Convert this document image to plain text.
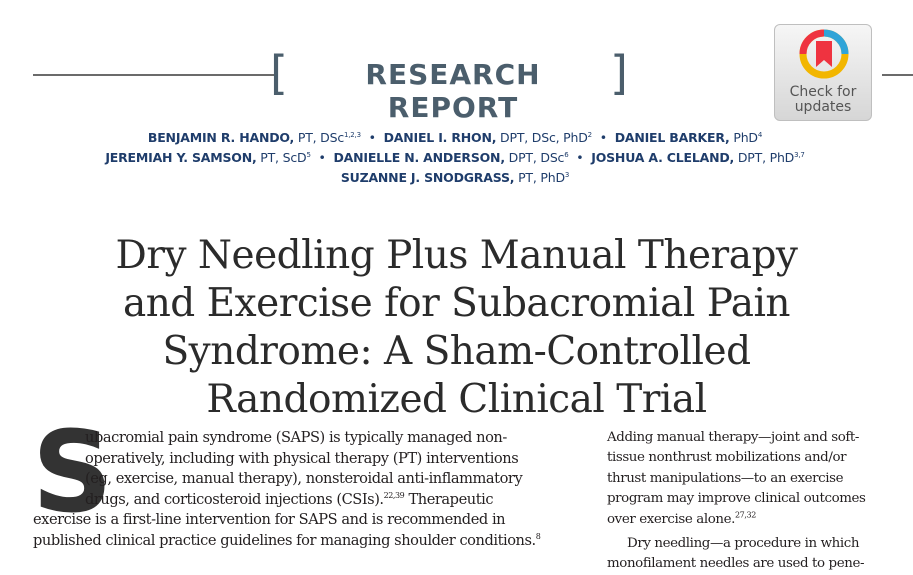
[	RESEARCH REPORT
]	Check for
updates
BENJAMIN R. HANDO, PT, DSc$^{1,2,3}$ • DANIEL I. RHON, DPT, DSc, PhD$^2$ • DANIEL BARKER, PhD$^4$
JEREMIAH Y. SAMSON, PT, ScD$^5$ • DANIELLE N. ANDERSON, DPT, DSc$^6$ • JOSHUA A. CLELAND, DPT, PhD$^{3,7}$
SUZANNE J. SNODGRASS, PT, PhD$^3$
Dry Needling Plus Manual Therapy
and Exercise for Subacromial Pain
Syndrome: A Sham-Controlled
Randomized Clinical Trial
S
ubacromial pain syndrome (SAPS) is typically managed non-
operatively, including with physical therapy (PT) interventions
(eg, exercise, manual therapy), nonsteroidal anti-inflammatory
drugs, and corticosteroid injections (CSIs).$^{22,39}$ Therapeutic
exercise is a first-line intervention for SAPS and is recommended in
published clinical practice guidelines for managing shoulder conditions.$^8$
Adding manual therapy—joint and soft-
tissue nonthrust mobilizations and/or
thrust manipulations—to an exercise
program may improve clinical outcomes
over exercise alone.$^{27,32}$
Dry needling—a procedure in which
monofilament needles are used to pene-
